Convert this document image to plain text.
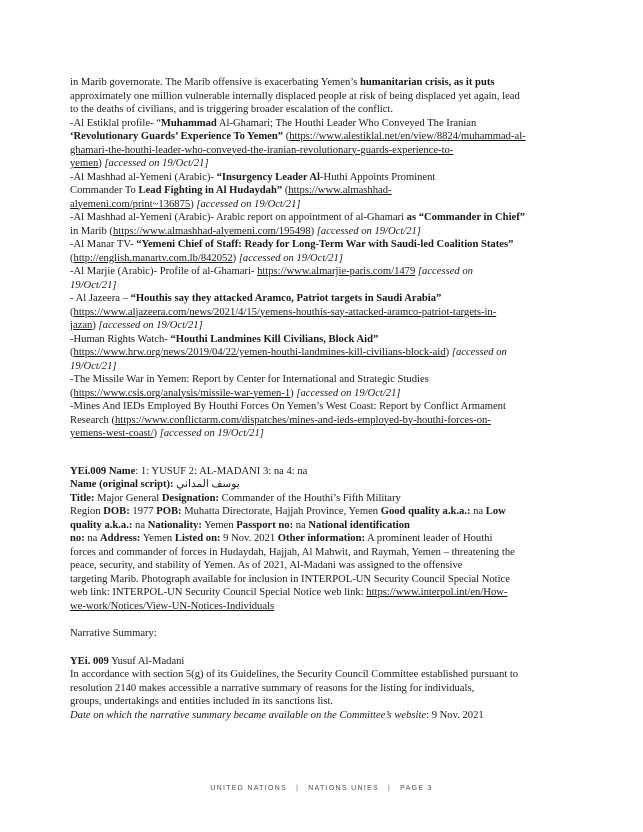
in Marib governorate. The Marib offensive is exacerbating Yemen’s humanitarian crisis, as it puts
approximately one million vulnerable internally displaced people at risk of being displaced yet again, lead
to the deaths of civilians, and is triggering broader escalation of the conflict.
-Al Estiklal profile- “Muhammad Al-Ghamari; The Houthi Leader Who Conveyed The Iranian
‘Revolutionary Guards’ Experience To Yemen” (https://www.alestiklal.net/en/view/8824/muhammad-al-
ghamari-the-houthi-leader-who-conveyed-the-iranian-revolutionary-guards-experience-to-
yemen) [accessed on 19/Oct/21]
-Al Mashhad al-Yemeni (Arabic)- “Insurgency Leader Al-Huthi Appoints Prominent
Commander To Lead Fighting in Al Hudaydah” (https://www.almashhad-
alyemeni.com/print~136875) [accessed on 19/Oct/21]
-Al Mashhad al-Yemeni (Arabic)- Arabic report on appointment of al-Ghamari as “Commander in Chief”
in Marib (https://www.almashhad-alyemeni.com/195498) [accessed on 19/Oct/21]
-Al Manar TV- “Yemeni Chief of Staff: Ready for Long-Term War with Saudi-led Coalition States”
(http://english.manartv.com.lb/842052) [accessed on 19/Oct/21]
-Al Marjie (Arabic)- Profile of al-Ghamari- https://www.almarjie-paris.com/1479 [accessed on
19/Oct/21]
- Al Jazeera – “Houthis say they attacked Aramco, Patriot targets in Saudi Arabia”
(https://www.aljazeera.com/news/2021/4/15/yemens-houthis-say-attacked-aramco-patriot-targets-in-
jazan) [accessed on 19/Oct/21]
-Human Rights Watch- “Houthi Landmines Kill Civilians, Block Aid”
(https://www.hrw.org/news/2019/04/22/yemen-houthi-landmines-kill-civilians-block-aid) [accessed on
19/Oct/21]
-The Missile War in Yemen: Report by Center for International and Strategic Studies
(https://www.csis.org/analysis/missile-war-yemen-1) [accessed on 19/Oct/21]
-Mines And IEDs Employed By Houthi Forces On Yemen’s West Coast: Report by Conflict Armament
Research (https://www.conflictarm.com/dispatches/mines-and-ieds-employed-by-houthi-forces-on-
yemens-west-coast/) [accessed on 19/Oct/21]
YEi.009 Name: 1: YUSUF 2: AL-MADANI 3: na 4: na
Name (original script): يوسف المداني
Title: Major General Designation: Commander of the Houthi’s Fifth Military
Region DOB: 1977 POB: Muhatta Directorate, Hajjah Province, Yemen Good quality a.k.a.: na Low
quality a.k.a.: na Nationality: Yemen Passport no: na National identification
no: na Address: Yemen Listed on: 9 Nov. 2021 Other information: A prominent leader of Houthi
forces and commander of forces in Hudaydah, Hajjah, Al Mahwit, and Raymah, Yemen – threatening the
peace, security, and stability of Yemen. As of 2021, Al-Madani was assigned to the offensive
targeting Marib. Photograph available for inclusion in INTERPOL-UN Security Council Special Notice
web link: INTERPOL-UN Security Council Special Notice web link: https://www.interpol.int/en/How-
we-work/Notices/View-UN-Notices-Individuals
Narrative Summary:
YEi. 009 Yusuf Al-Madani
In accordance with section 5(g) of its Guidelines, the Security Council Committee established pursuant to
resolution 2140 makes accessible a narrative summary of reasons for the listing for individuals,
groups, undertakings and entities included in its sanctions list.
Date on which the narrative summary became available on the Committee’s website: 9 Nov. 2021
UNITED NATIONS | NATIONS UNIES | PAGE 3
